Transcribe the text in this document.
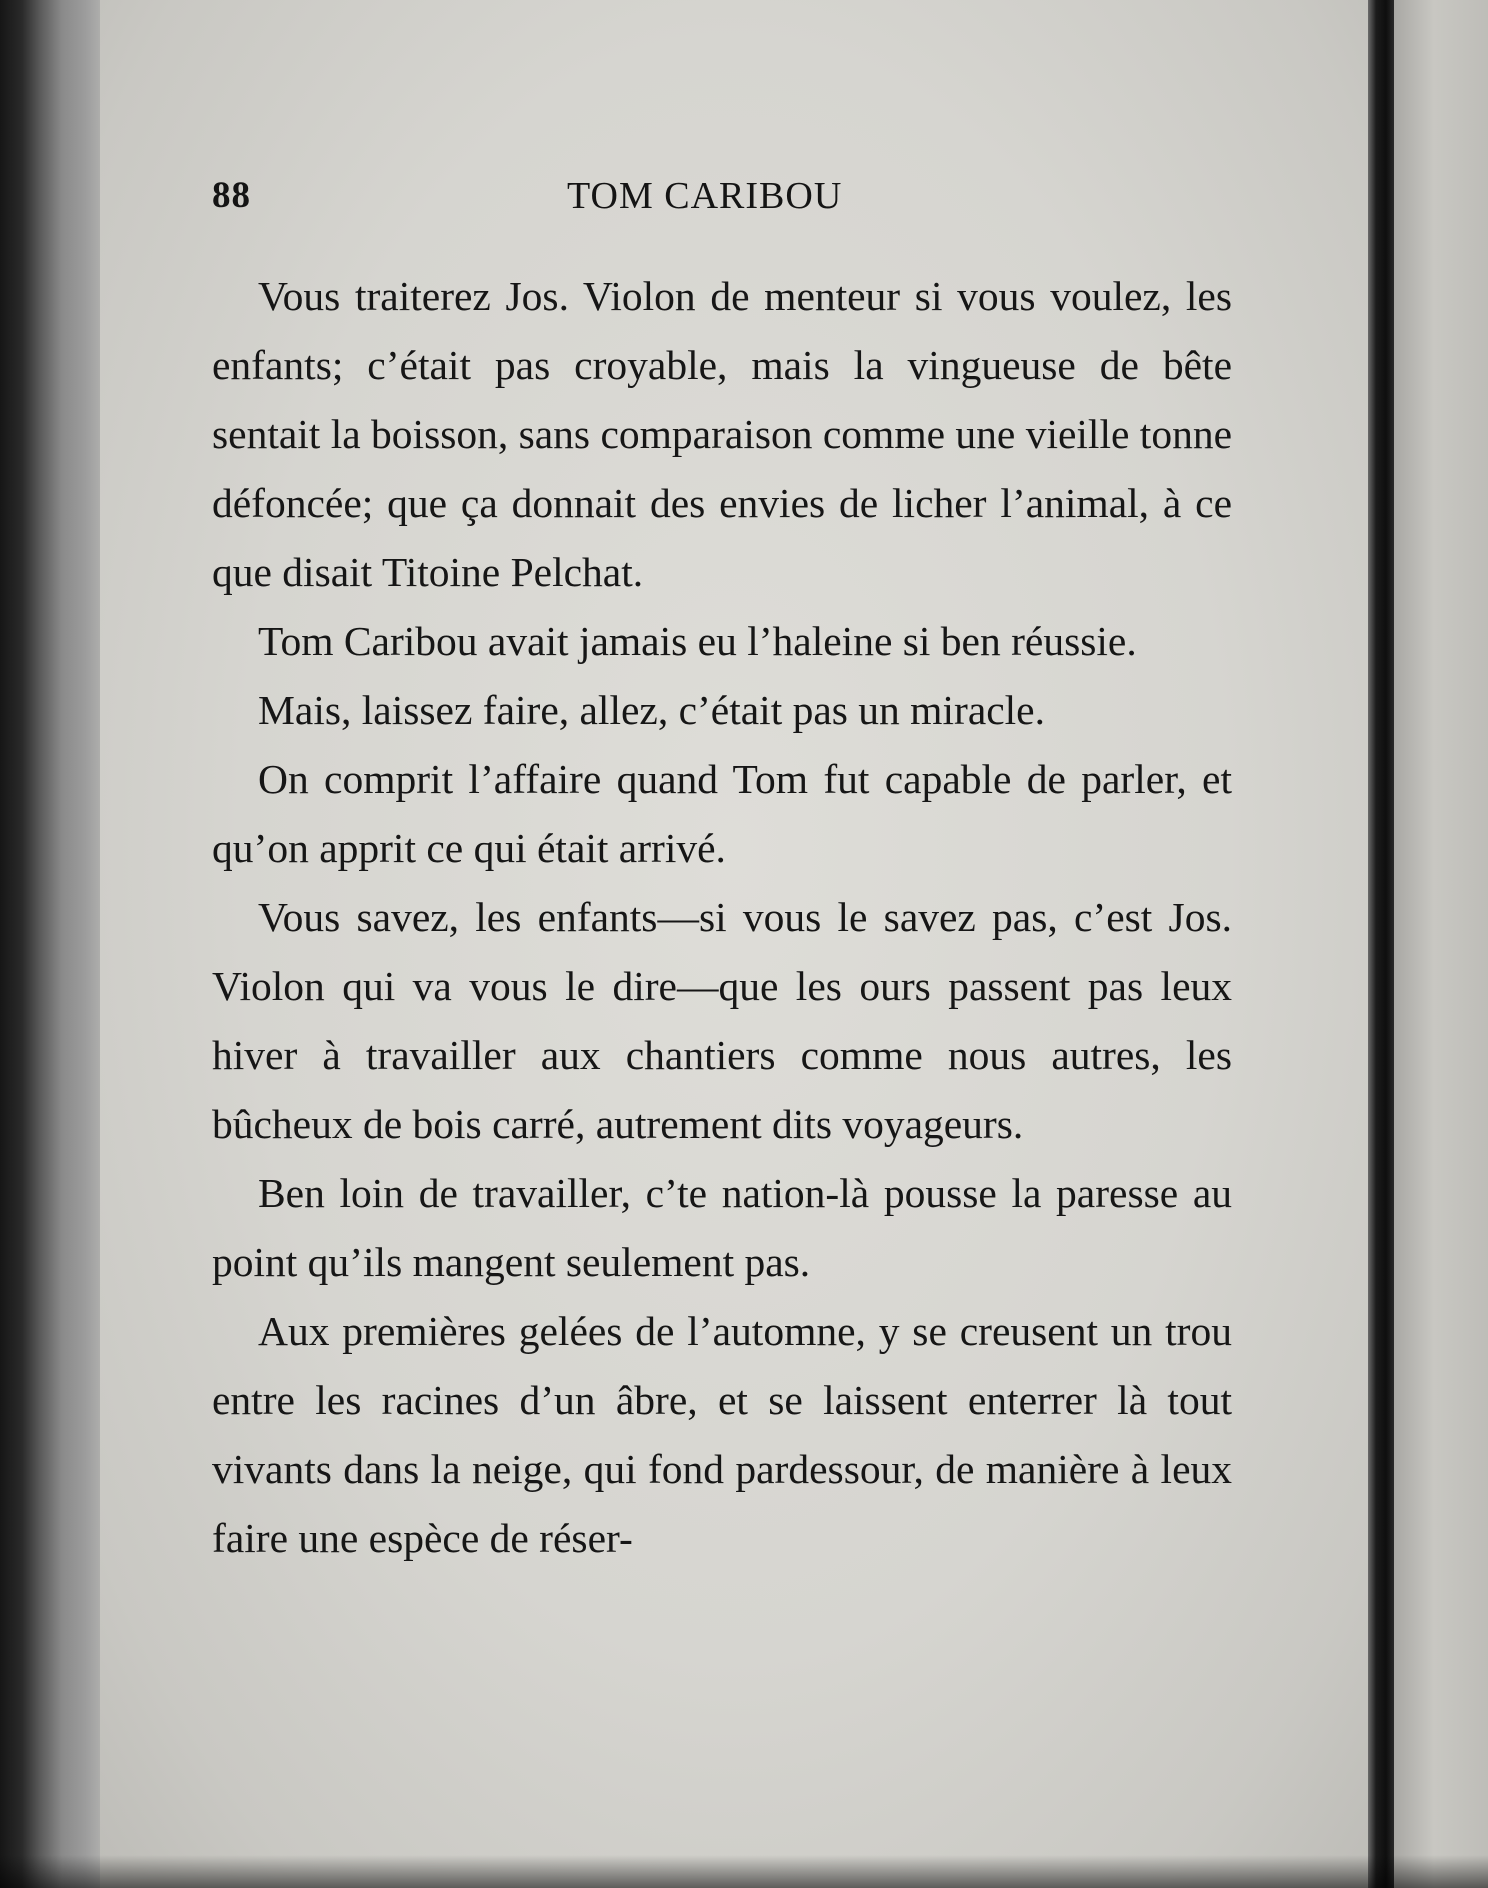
88	TOM CARIBOU

Vous traiterez Jos. Violon de menteur si vous voulez, les enfants; c’était pas croyable, mais la vingueuse de bête sentait la boisson, sans comparaison comme une vieille tonne défoncée; que ça donnait des envies de licher l’animal, à ce que disait Titoine Pelchat.

Tom Caribou avait jamais eu l’haleine si ben réussie.

Mais, laissez faire, allez, c’était pas un miracle.

On comprit l’affaire quand Tom fut capable de parler, et qu’on apprit ce qui était arrivé.

Vous savez, les enfants—si vous le savez pas, c’est Jos. Violon qui va vous le dire—que les ours passent pas leux hiver à travailler aux chantiers comme nous autres, les bûcheux de bois carré, autrement dits voyageurs.

Ben loin de travailler, c’te nation-là pousse la paresse au point qu’ils mangent seulement pas.

Aux premières gelées de l’automne, y se creusent un trou entre les racines d’un âbre, et se laissent enterrer là tout vivants dans la neige, qui fond pardessour, de manière à leux faire une espèce de réser-
